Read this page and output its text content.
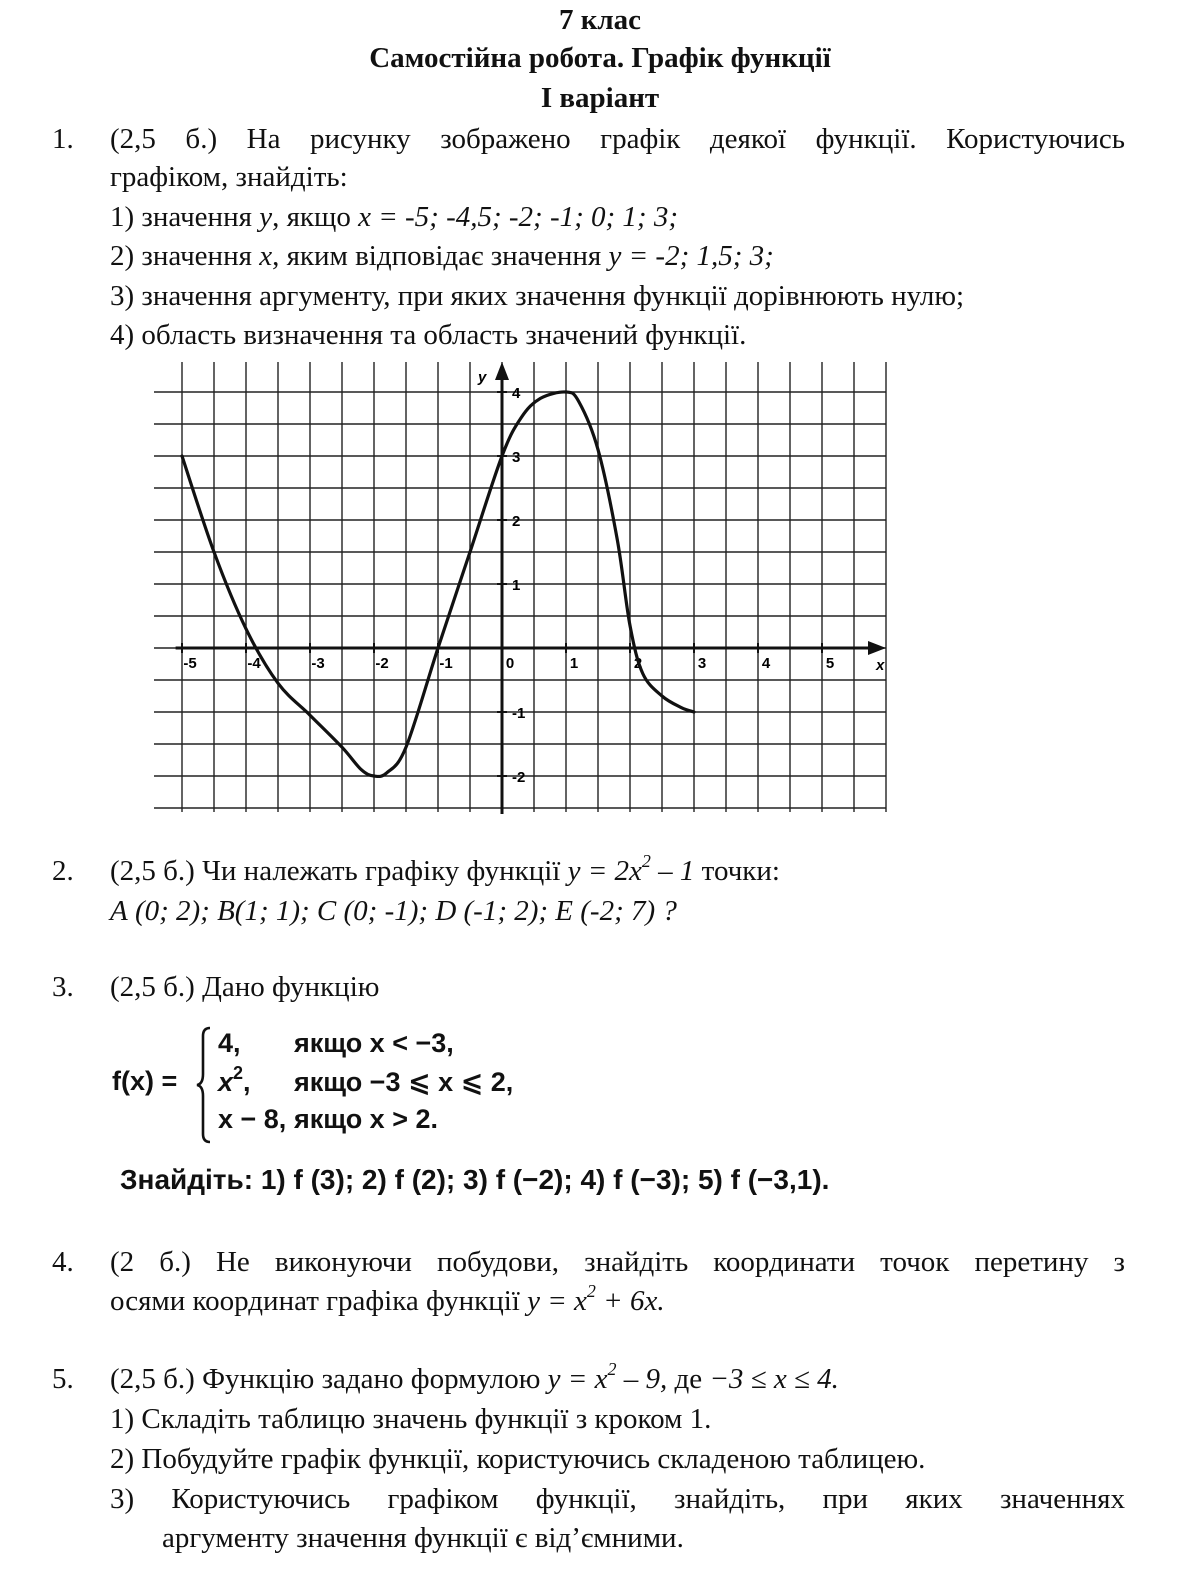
7 клас
Самостійна робота. Графік функції
І варіант
1. (2,5 б.) На рисунку зображено графік деякої функції. Користуючись
графіком, знайдіть:
1) значення у, якщо х = -5; -4,5; -2; -1; 0; 1; 3;
2) значення х, яким відповідає значення у = -2; 1,5; 3;
3) значення аргументу, при яких значення функції дорівнюють нулю;
4) область визначення та область значений функції.
-5	-4	-3	-2	-1	0	1	2	3	4	5
4
3
2
1
-1
-2
x
y
2. (2,5 б.) Чи належать графіку функції $у = 2х^2 - 1$ точки:
А (0; 2); В(1; 1); С (0; -1); D (-1; 2); Е (-2; 7) ?
3. (2,5 б.) Дано функцію
f(x) =
4, якщо x < −3,
$x^2$, якщо −3 ⩽ x ⩽ 2,
x − 8, якщо x > 2.
Знайдіть: 1) f (3); 2) f (2); 3) f (−2); 4) f (−3); 5) f (−3,1).
4. (2 б.) Не виконуючи побудови, знайдіть координати точок перетину з
осями координат графіка функції $у = х^2 + 6х$.
5. (2,5 б.) Функцію задано формулою $у = х^2 - 9$, де −3 ≤ х ≤ 4.
1) Складіть таблицю значень функції з кроком 1.
2) Побудуйте графік функції, користуючись складеною таблицею.
3) Користуючись графіком функції, знайдіть, при яких значеннях
аргументу значення функції є від’ємними.
